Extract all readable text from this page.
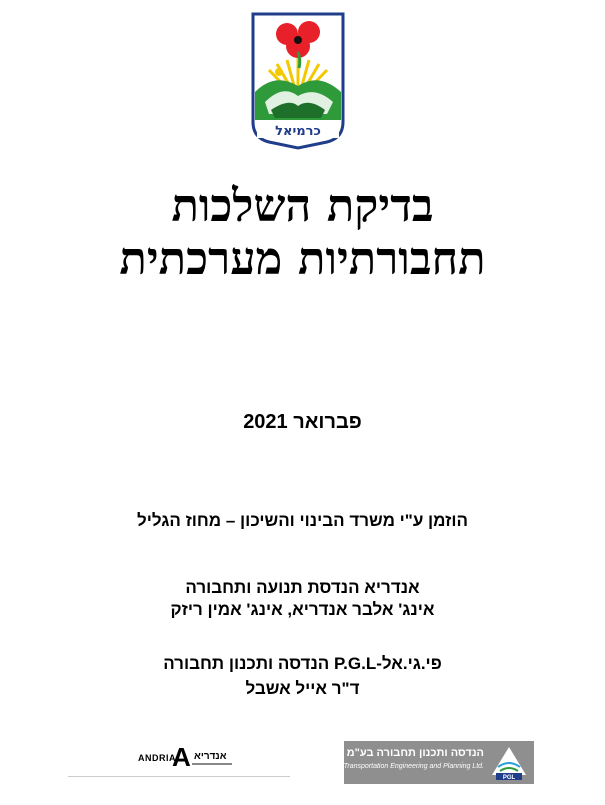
כרמיאל
בדיקת השלכות
תחבורתיות מערכתית
פברואר 2021
הוזמן ע"י משרד הבינוי והשיכון – מחוז הגליל
אנדריא הנדסת תנועה ותחבורה
אינג' אלבר אנדריא, אינג' אמין ריזק
פי.גי.אל-P.G.L הנדסה ותכנון תחבורה
ד"ר אייל אשבל
ANDRIA
A אנדריא	הנדסה ותכנון תחבורה בע"מ
Transportation Engineering and Planning Ltd.
PGL
